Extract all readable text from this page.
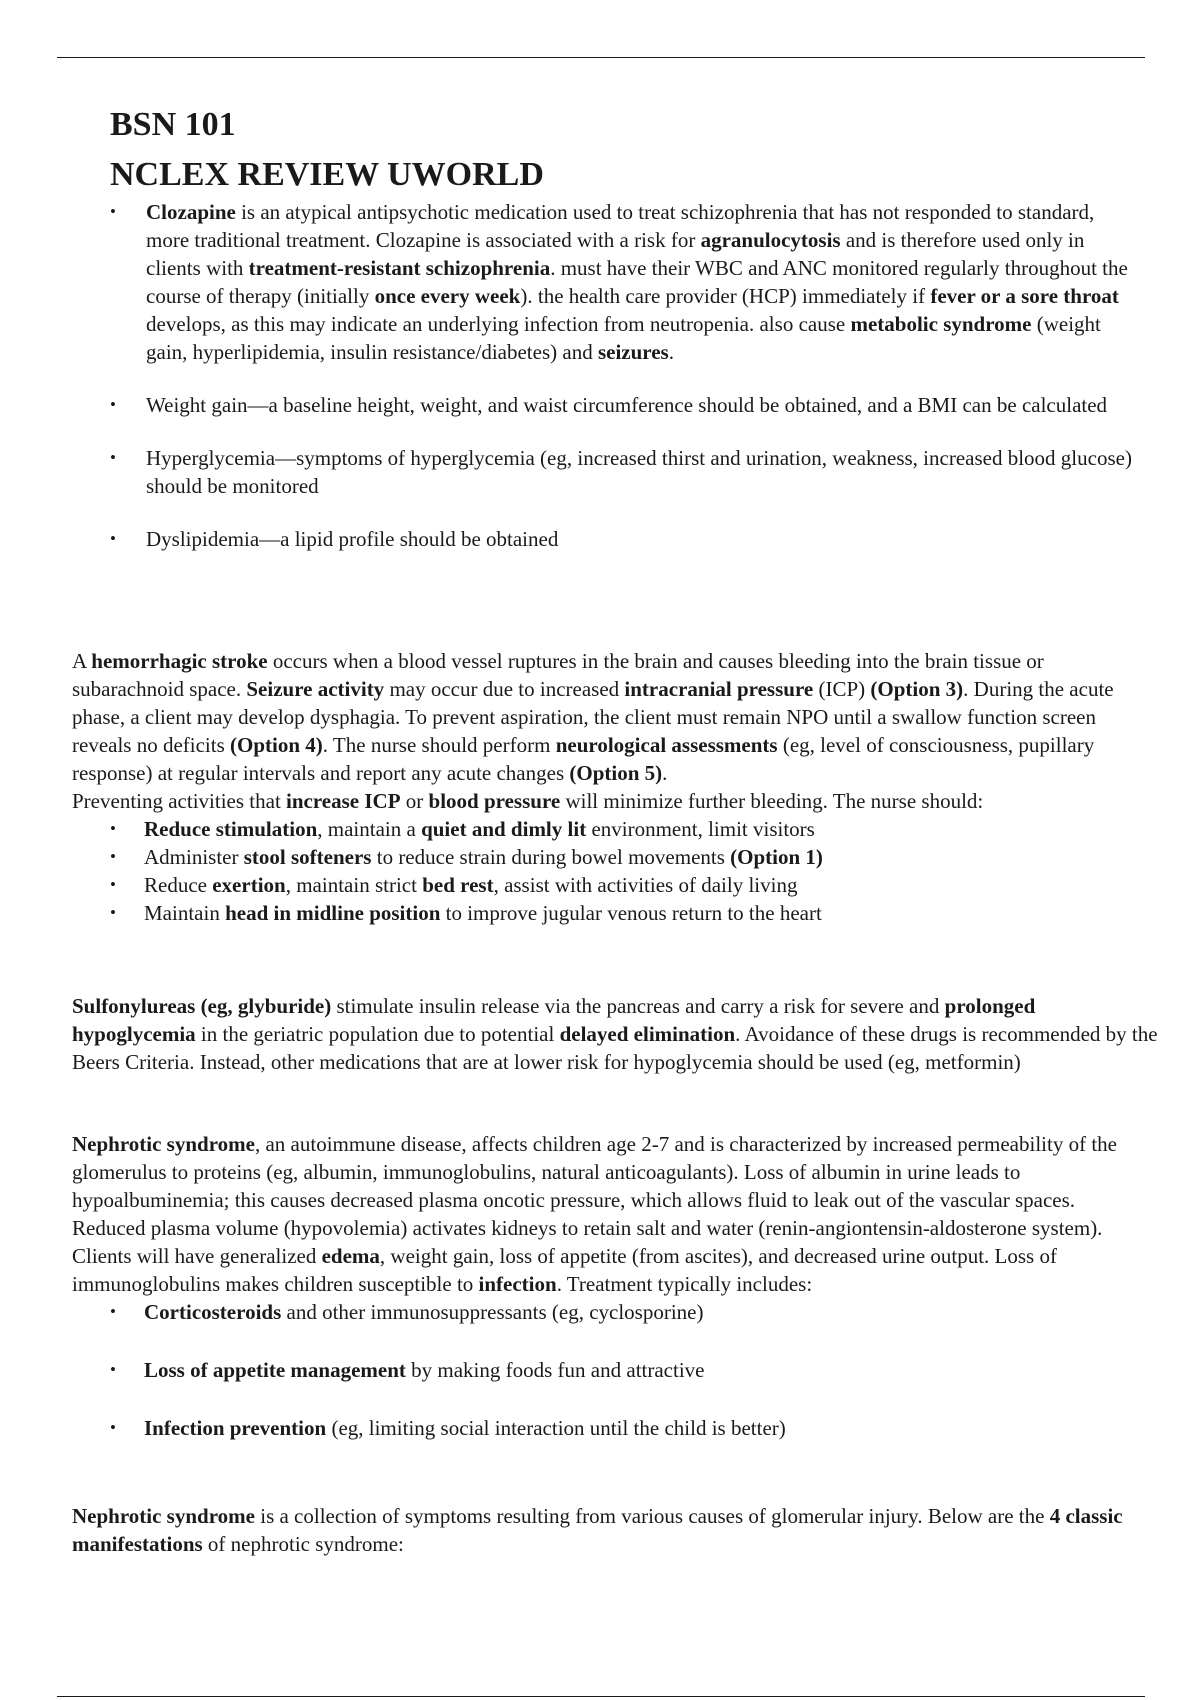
BSN 101
NCLEX REVIEW UWORLD
• Clozapine is an atypical antipsychotic medication used to treat schizophrenia that has not responded to standard, more traditional treatment. Clozapine is associated with a risk for agranulocytosis and is therefore used only in clients with treatment-resistant schizophrenia. must have their WBC and ANC monitored regularly throughout the course of therapy (initially once every week). the health care provider (HCP) immediately if fever or a sore throat develops, as this may indicate an underlying infection from neutropenia. also cause metabolic syndrome (weight gain, hyperlipidemia, insulin resistance/diabetes) and seizures.
• Weight gain—a baseline height, weight, and waist circumference should be obtained, and a BMI can be calculated
• Hyperglycemia—symptoms of hyperglycemia (eg, increased thirst and urination, weakness, increased blood glucose) should be monitored
• Dyslipidemia—a lipid profile should be obtained

A hemorrhagic stroke occurs when a blood vessel ruptures in the brain and causes bleeding into the brain tissue or subarachnoid space. Seizure activity may occur due to increased intracranial pressure (ICP) (Option 3). During the acute phase, a client may develop dysphagia. To prevent aspiration, the client must remain NPO until a swallow function screen reveals no deficits (Option 4). The nurse should perform neurological assessments (eg, level of consciousness, pupillary response) at regular intervals and report any acute changes (Option 5).

Preventing activities that increase ICP or blood pressure will minimize further bleeding. The nurse should:

• Reduce stimulation, maintain a quiet and dimly lit environment, limit visitors
• Administer stool softeners to reduce strain during bowel movements (Option 1)
• Reduce exertion, maintain strict bed rest, assist with activities of daily living
• Maintain head in midline position to improve jugular venous return to the heart

Sulfonylureas (eg, glyburide) stimulate insulin release via the pancreas and carry a risk for severe and prolonged hypoglycemia in the geriatric population due to potential delayed elimination. Avoidance of these drugs is recommended by the Beers Criteria. Instead, other medications that are at lower risk for hypoglycemia should be used (eg, metformin)

Nephrotic syndrome, an autoimmune disease, affects children age 2-7 and is characterized by increased permeability of the glomerulus to proteins (eg, albumin, immunoglobulins, natural anticoagulants). Loss of albumin in urine leads to hypoalbuminemia; this causes decreased plasma oncotic pressure, which allows fluid to leak out of the vascular spaces. Reduced plasma volume (hypovolemia) activates kidneys to retain salt and water (renin-angiontensin-aldosterone system). Clients will have generalized edema, weight gain, loss of appetite (from ascites), and decreased urine output. Loss of immunoglobulins makes children susceptible to infection. Treatment typically includes:

• Corticosteroids and other immunosuppressants (eg, cyclosporine)
• Loss of appetite management by making foods fun and attractive
• Infection prevention (eg, limiting social interaction until the child is better)

Nephrotic syndrome is a collection of symptoms resulting from various causes of glomerular injury. Below are the 4 classic manifestations of nephrotic syndrome:
